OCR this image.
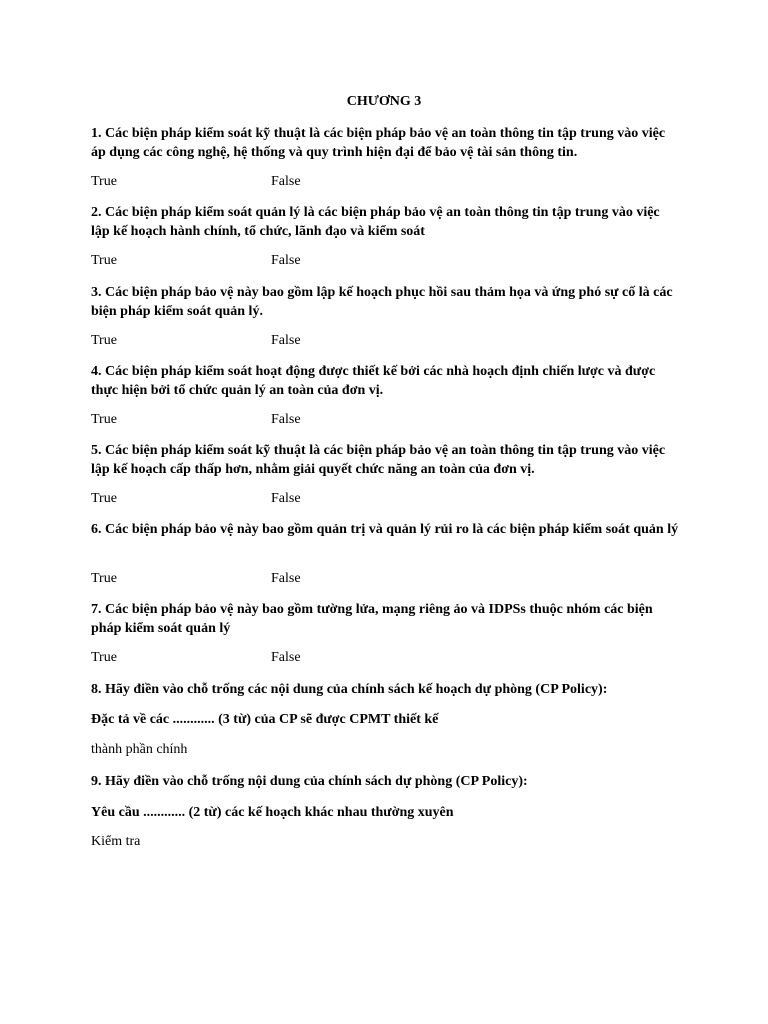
CHƯƠNG 3

1. Các biện pháp kiểm soát kỹ thuật là các biện pháp bảo vệ an toàn thông tin tập trung vào việc áp dụng các công nghệ, hệ thống và quy trình hiện đại để bảo vệ tài sản thông tin.

True	False

2. Các biện pháp kiểm soát quản lý là các biện pháp bảo vệ an toàn thông tin tập trung vào việc lập kế hoạch hành chính, tổ chức, lãnh đạo và kiểm soát

True	False

3. Các biện pháp bảo vệ này bao gồm lập kế hoạch phục hồi sau thảm họa và ứng phó sự cố là các biện pháp kiểm soát quản lý.

True	False

4. Các biện pháp kiểm soát hoạt động được thiết kế bởi các nhà hoạch định chiến lược và được thực hiện bởi tổ chức quản lý an toàn của đơn vị.

True	False

5. Các biện pháp kiểm soát kỹ thuật là các biện pháp bảo vệ an toàn thông tin tập trung vào việc lập kế hoạch cấp thấp hơn, nhằm giải quyết chức năng an toàn của đơn vị.

True	False

6. Các biện pháp bảo vệ này bao gồm quản trị và quản lý rủi ro là các biện pháp kiểm soát quản lý

True	False

7. Các biện pháp bảo vệ này bao gồm tường lửa, mạng riêng ảo và IDPSs thuộc nhóm các biện pháp kiểm soát quản lý

True	False

8. Hãy điền vào chỗ trống các nội dung của chính sách kế hoạch dự phòng (CP Policy):

Đặc tả về các ............ (3 từ) của CP sẽ được CPMT thiết kế

thành phần chính

9. Hãy điền vào chỗ trống nội dung của chính sách dự phòng (CP Policy):

Yêu cầu ............ (2 từ) các kế hoạch khác nhau thường xuyên

Kiểm tra
